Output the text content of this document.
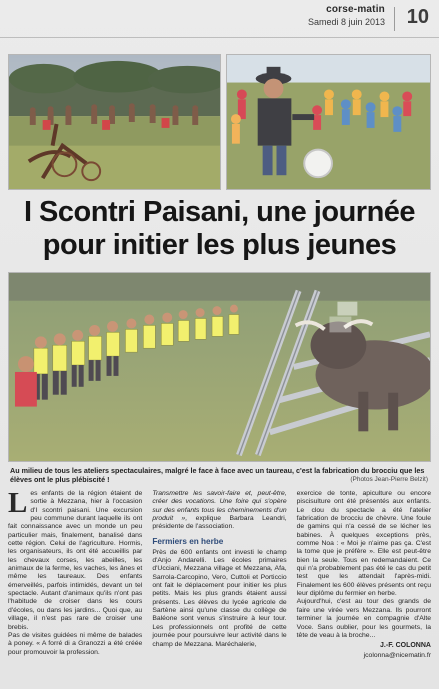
corse-matin
Samedi 8 juin 2013 10
I Scontri Paisani, une journée pour initier les plus jeunes
Au milieu de tous les ateliers spectaculaires, malgré le face à face avec un taureau, c'est la fabrication du brocciu que les élèves ont le plus plébiscité !	(Photos Jean-Pierre Belzit)

Les enfants de la région étaient de sortie à Mezzana, hier à l'occasion d'I scontri paisani. Une excursion peu commune durant laquelle ils ont fait connaissance avec un monde un peu particulier mais, finalement, banalisé dans cette région. Celui de l'agriculture. Hormis, les organisateurs, ils ont été accueillis par les chevaux corses, les abeilles, les animaux de la ferme, les vaches, les ânes et même les taureaux. Des enfants émerveillés, parfois intimidés, devant un tel spectacle. Autant d'animaux qu'ils n'ont pas l'habitude de croiser dans les cours d'écoles, ou dans les jardins... Quoi que, au village, il n'est pas rare de croiser une brebis.

Pas de visites guidées ni même de balades à poney. « A forré di a Granozzi a été créée pour promouvoir la profession.

Transmettre les savoir-faire et, peut-être, créer des vocations. Une foire qui s'opère sur des enfants tous les cheminements d'un produit », explique Barbara Leandri, présidente de l'association.

Fermiers en herbe

Près de 600 enfants ont investi le champ d'Anjo Andarelli. Les écoles primaires d'Ucciani, Mezzana village et Mezzana, Afa, Sarrola-Carcopino, Vero, Cuttoli et Porticcio ont fait le déplacement pour initier les plus petits. Mais les plus grands étaient aussi présents. Les élèves du lycée agricole de Sartène ainsi qu'une classe du collège de Baléone sont venus s'instruire à leur tour. Les professionnels ont profité de cette journée pour poursuivre leur activité dans le champ de Mezzana. Maréchalerie,

exercice de tonte, apiculture ou encore piscisulture ont été présentés aux enfants. Le clou du spectacle a été l'atelier fabrication de brocciu de chèvre. Une foule de gamins qui n'a cessé de se lécher les babines. À quelques exceptions près, comme Noa : « Moi je n'aime pas ça. C'est la tome que je préfère ». Elle est peut-être bien la seule. Tous en redemandaient. Ce qui n'a probablement pas été le cas du petit test que les attendait l'après-midi. Finalement les 600 élèves présents ont reçu leur diplôme du fermier en herbe.

Aujourd'hui, c'est au tour des grands de faire une virée vers Mezzana. Ils pourront terminer la journée en compagnie d'Alte Voce. Sans oublier, pour les gourmets, la tête de veau à la broche...

J.-F. COLONNA
jcolonna@nicematin.fr
